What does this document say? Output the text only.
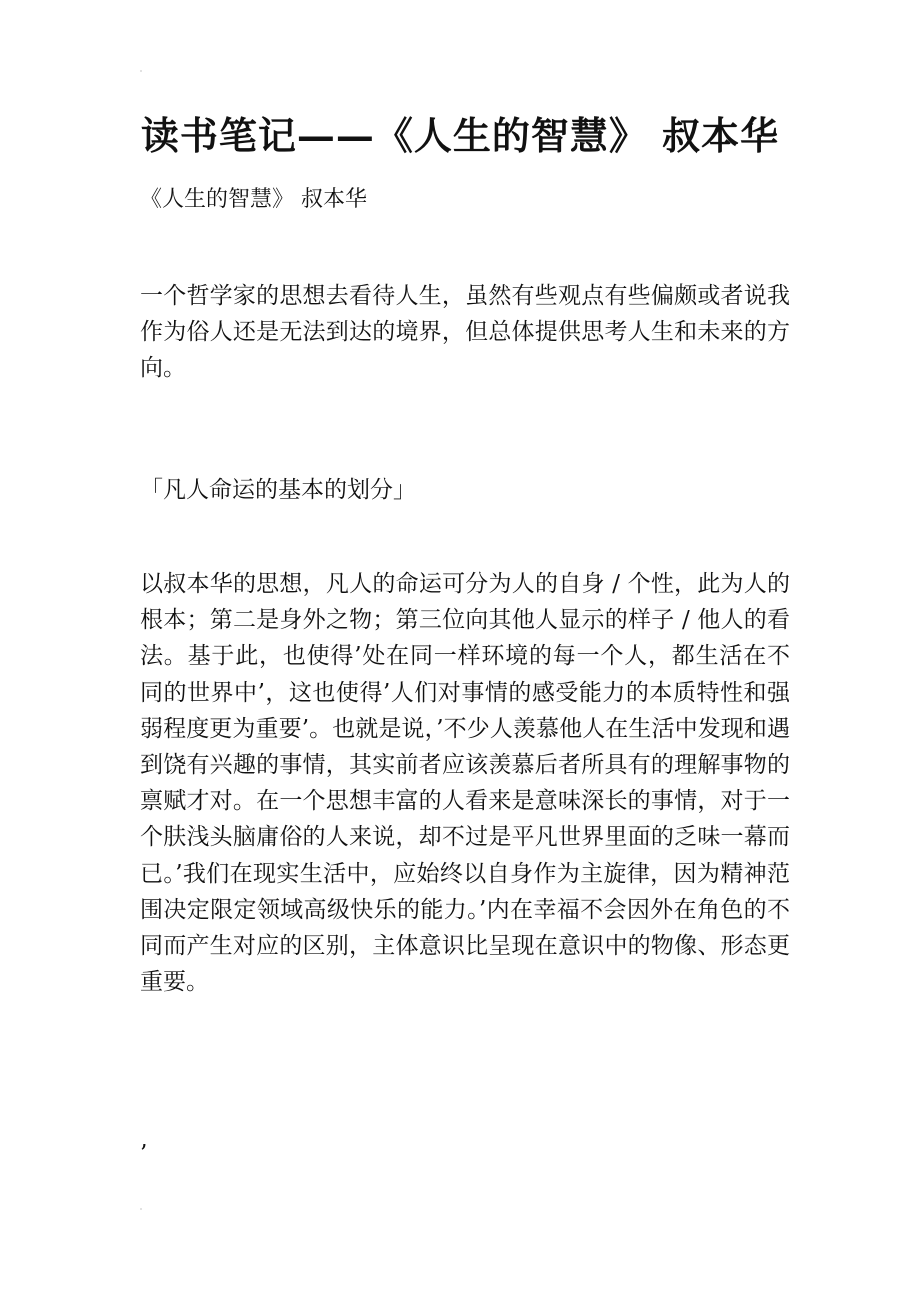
读书笔记——《人生的智慧》 叔本华

《人生的智慧》 叔本华

一个哲学家的思想去看待人生，虽然有些观点有些偏颇或者说我作为俗人还是无法到达的境界，但总体提供思考人生和未来的方向。

「凡人命运的基本的划分」

以叔本华的思想，凡人的命运可分为人的自身 / 个性，此为人的根本；第二是身外之物；第三位向其他人显示的样子 / 他人的看法。基于此，也使得’处在同一样环境的每一个人，都生活在不同的世界中’，这也使得’人们对事情的感受能力的本质特性和强弱程度更为重要’。也就是说，’不少人羡慕他人在生活中发现和遇到饶有兴趣的事情，其实前者应该羡慕后者所具有的理解事物的禀赋才对。在一个思想丰富的人看来是意味深长的事情，对于一个肤浅头脑庸俗的人来说，却不过是平凡世界里面的乏味一幕而已。’我们在现实生活中，应始终以自身作为主旋律，因为精神范围决定限定领域高级快乐的能力。’内在幸福不会因外在角色的不同而产生对应的区别，主体意识比呈现在意识中的物像、形态更重要。

’
